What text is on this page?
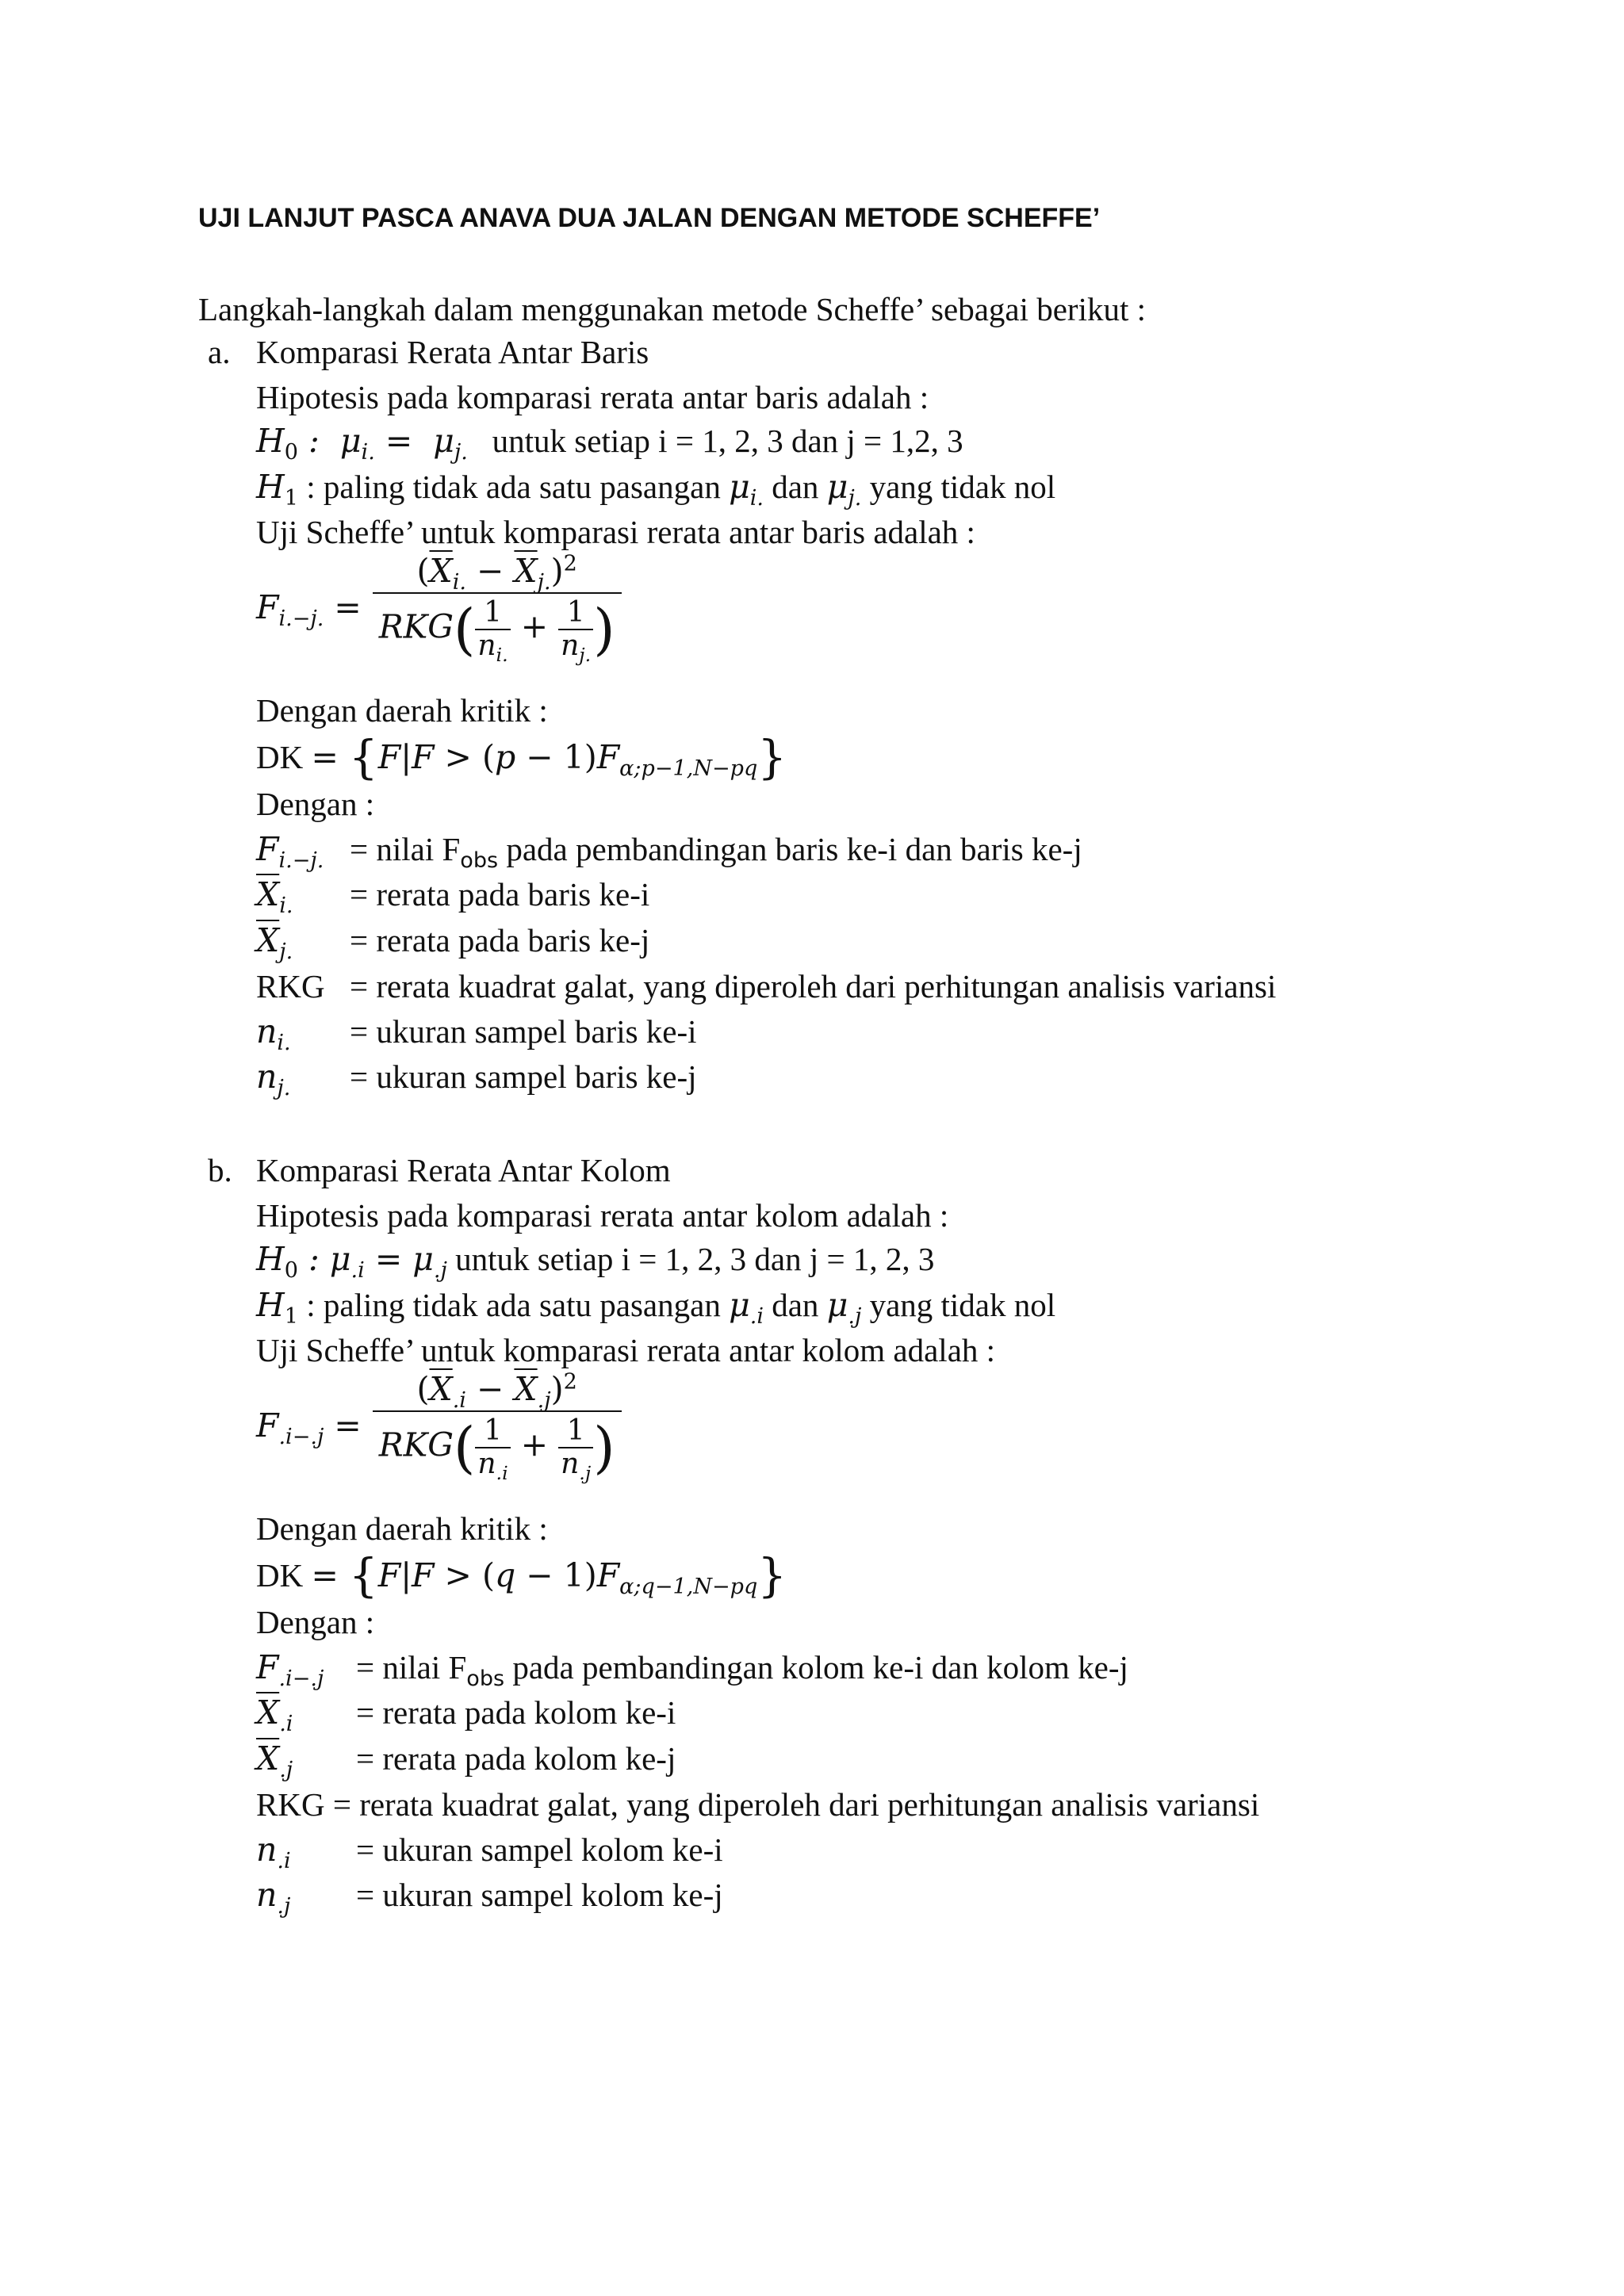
UJI LANJUT PASCA ANAVA DUA JALAN DENGAN METODE SCHEFFE’
Langkah-langkah dalam menggunakan metode Scheffe’ sebagai berikut :
a. Komparasi Rerata Antar Baris
Hipotesis pada komparasi rerata antar baris adalah :
$H_0$ :  $\mu_{i.} = \mu_{j.}$ untuk setiap i = 1, 2, 3 dan j = 1,2, 3
$H_1$ : paling tidak ada satu pasangan $\mu_{i.}$ dan $\mu_{j.}$ yang tidak nol
Uji Scheffe’ untuk komparasi rerata antar baris adalah :
$F_{i.-j.} = \frac{(\overline{X}_{i.} - \overline{X}_{j.})^2}{RKG( \frac{1}{n_{i.}} + \frac{1}{n_{j.}} )}$
Dengan daerah kritik :
DK = $\{F|F > (p - 1)F_{\alpha;p-1,N-pq}\}$
Dengan :
$F_{i.-j.}$ = nilai $F_{obs}$ pada pembandingan baris ke-i dan baris ke-j
$\overline{X}_{i.}$ = rerata pada baris ke-i
$\overline{X}_{j.}$ = rerata pada baris ke-j
RKG = rerata kuadrat galat, yang diperoleh dari perhitungan analisis variansi
$n_{i.}$ = ukuran sampel baris ke-i
$n_{j.}$ = ukuran sampel baris ke-j
b. Komparasi Rerata Antar Kolom
Hipotesis pada komparasi rerata antar kolom adalah :
$H_0$ : $\mu_{.i} = \mu_{.j}$ untuk setiap i = 1, 2, 3 dan j = 1, 2, 3
$H_1$ : paling tidak ada satu pasangan $\mu_{.i}$ dan $\mu_{.j}$ yang tidak nol
Uji Scheffe’ untuk komparasi rerata antar kolom adalah :
$F_{.i-.j} = \frac{(\overline{X}_{.i} - \overline{X}_{.j})^2}{RKG( \frac{1}{n_{.i}} + \frac{1}{n_{.j}} )}$
Dengan daerah kritik :
DK = $\{F|F > (q - 1)F_{\alpha;q-1,N-pq}\}$
Dengan :
$F_{.i-.j}$ = nilai $F_{obs}$ pada pembandingan kolom ke-i dan kolom ke-j
$\overline{X}_{.i}$ = rerata pada kolom ke-i
$\overline{X}_{.j}$ = rerata pada kolom ke-j
RKG = rerata kuadrat galat, yang diperoleh dari perhitungan analisis variansi
$n_{.i}$ = ukuran sampel kolom ke-i
$n_{.j}$ = ukuran sampel kolom ke-j
